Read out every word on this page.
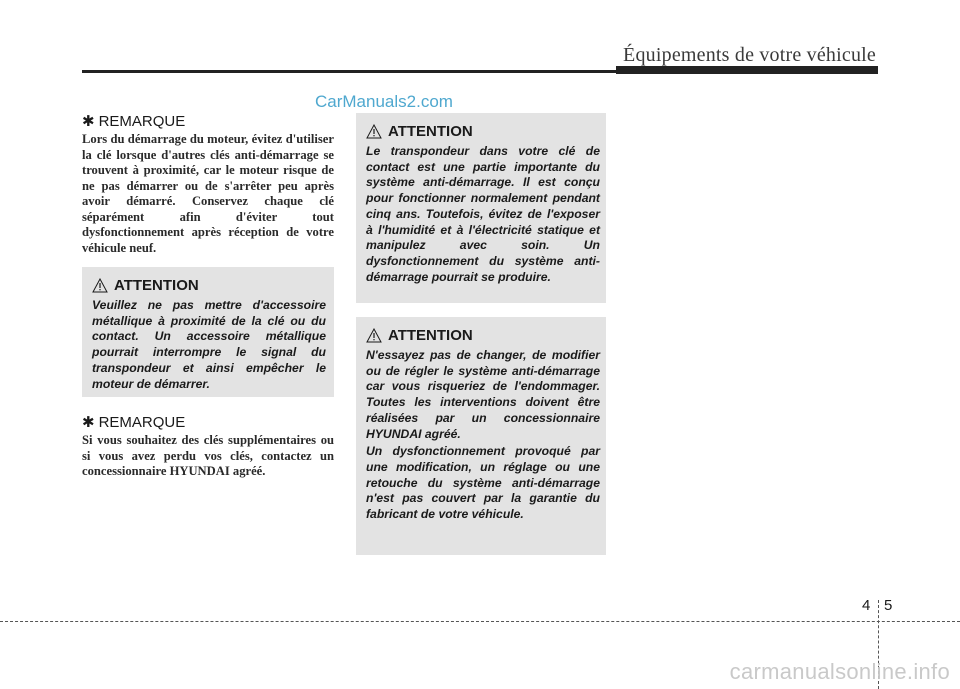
Équipements de votre véhicule
CarManuals2.com
✱ REMARQUE
Lors du démarrage du moteur, évitez d'utiliser la clé lorsque d'autres clés anti-démarrage se trouvent à proximité, car le moteur risque de ne pas démarrer ou de s'arrêter peu après avoir démarré. Conservez chaque clé séparément afin d'éviter tout dysfonctionnement après réception de votre véhicule neuf.
ATTENTION

Veuillez ne pas mettre d'accessoire métallique à proximité de la clé ou du contact. Un accessoire métallique pourrait interrompre le signal du transpondeur et ainsi empêcher le moteur de démarrer.

✱ REMARQUE
Si vous souhaitez des clés supplémentaires ou si vous avez perdu vos clés, contactez un concessionnaire HYUNDAI agréé.
ATTENTION

Le transpondeur dans votre clé de contact est une partie importante du système anti-démarrage. Il est conçu pour fonctionner normalement pendant cinq ans. Toutefois, évitez de l'exposer à l'humidité et à l'électricité statique et manipulez avec soin. Un dysfonctionnement du système anti-démarrage pourrait se produire.

ATTENTION

N'essayez pas de changer, de modifier ou de régler le système anti-démarrage car vous risqueriez de l'endommager. Toutes les interventions doivent être réalisées par un concessionnaire HYUNDAI agréé.

Un dysfonctionnement provoqué par une modification, un réglage ou une retouche du système anti-démarrage n'est pas couvert par la garantie du fabricant de votre véhicule.

4 5
carmanualsonline.info
